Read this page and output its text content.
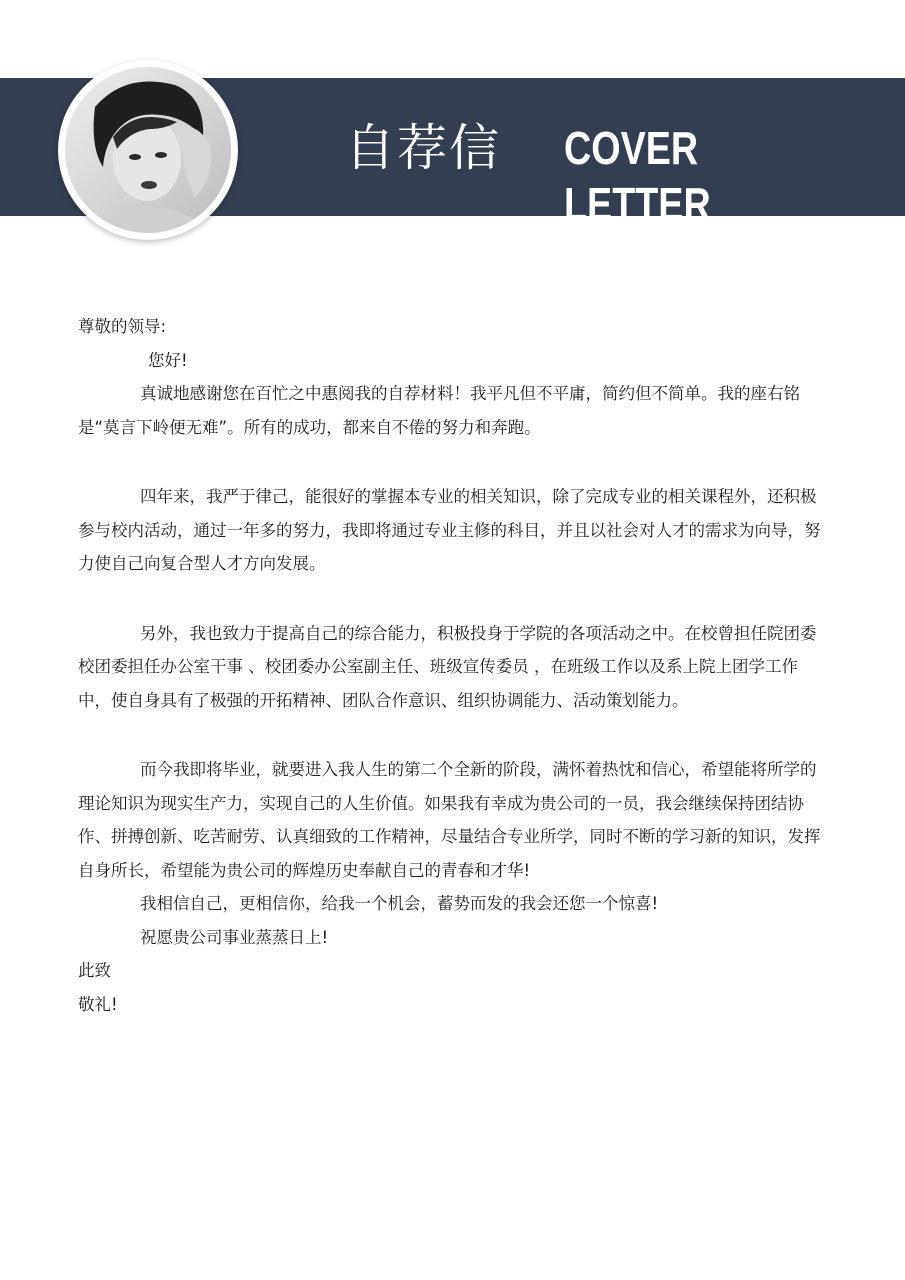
自荐信 COVER LETTER

尊敬的领导:

您好!

真诚地感谢您在百忙之中惠阅我的自荐材料！我平凡但不平庸，简约但不简单。我的座右铭是“莫言下岭便无难”。所有的成功，都来自不倦的努力和奔跑。

四年来，我严于律己，能很好的掌握本专业的相关知识，除了完成专业的相关课程外，还积极参与校内活动，通过一年多的努力，我即将通过专业主修的科目，并且以社会对人才的需求为向导，努力使自己向复合型人才方向发展。

另外，我也致力于提高自己的综合能力，积极投身于学院的各项活动之中。在校曾担任院团委校团委担任办公室干事 、校团委办公室副主任、班级宣传委员 ，在班级工作以及系上院上团学工作中，使自身具有了极强的开拓精神、团队合作意识、组织协调能力、活动策划能力。

而今我即将毕业，就要进入我人生的第二个全新的阶段，满怀着热忱和信心，希望能将所学的理论知识为现实生产力，实现自己的人生价值。如果我有幸成为贵公司的一员，我会继续保持团结协作、拼搏创新、吃苦耐劳、认真细致的工作精神，尽量结合专业所学，同时不断的学习新的知识，发挥自身所长，希望能为贵公司的辉煌历史奉献自己的青春和才华!

我相信自己，更相信你，给我一个机会，蓄势而发的我会还您一个惊喜!

祝愿贵公司事业蒸蒸日上!

此致

敬礼!
